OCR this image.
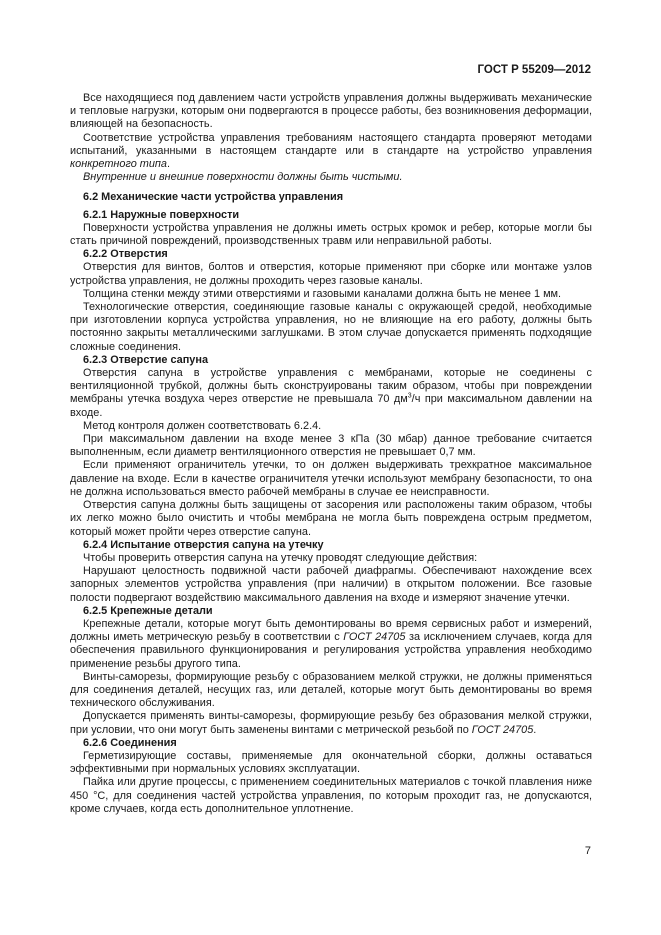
ГОСТ Р 55209—2012

Все находящиеся под давлением части устройств управления должны выдерживать механические и тепловые нагрузки, которым они подвергаются в процессе работы, без возникновения деформации, влияющей на безопасность.

Соответствие устройства управления требованиям настоящего стандарта проверяют методами испытаний, указанными в настоящем стандарте или в стандарте на устройство управления конкретного типа.

Внутренние и внешние поверхности должны быть чистыми.

6.2 Механические части устройства управления

6.2.1 Наружные поверхности

Поверхности устройства управления не должны иметь острых кромок и ребер, которые могли бы стать причиной повреждений, производственных травм или неправильной работы.

6.2.2 Отверстия

Отверстия для винтов, болтов и отверстия, которые применяют при сборке или монтаже узлов устройства управления, не должны проходить через газовые каналы.

Толщина стенки между этими отверстиями и газовыми каналами должна быть не менее 1 мм.

Технологические отверстия, соединяющие газовые каналы с окружающей средой, необходимые при изготовлении корпуса устройства управления, но не влияющие на его работу, должны быть постоянно закрыты металлическими заглушками. В этом случае допускается применять подходящие сложные соединения.

6.2.3 Отверстие сапуна

Отверстия сапуна в устройстве управления с мембранами, которые не соединены с вентиляционной трубкой, должны быть сконструированы таким образом, чтобы при повреждении мембраны утечка воздуха через отверстие не превышала 70 $дм^3/ч$ при максимальном давлении на входе.

Метод контроля должен соответствовать 6.2.4.

При максимальном давлении на входе менее 3 кПа (30 мбар) данное требование считается выполненным, если диаметр вентиляционного отверстия не превышает 0,7 мм.

Если применяют ограничитель утечки, то он должен выдерживать трехкратное максимальное давление на входе. Если в качестве ограничителя утечки используют мембрану безопасности, то она не должна использоваться вместо рабочей мембраны в случае ее неисправности.

Отверстия сапуна должны быть защищены от засорения или расположены таким образом, чтобы их легко можно было очистить и чтобы мембрана не могла быть повреждена острым предметом, который может пройти через отверстие сапуна.

6.2.4 Испытание отверстия сапуна на утечку

Чтобы проверить отверстия сапуна на утечку проводят следующие действия:

Нарушают целостность подвижной части рабочей диафрагмы. Обеспечивают нахождение всех запорных элементов устройства управления (при наличии) в открытом положении. Все газовые полости подвергают воздействию максимального давления на входе и измеряют значение утечки.

6.2.5 Крепежные детали

Крепежные детали, которые могут быть демонтированы во время сервисных работ и измерений, должны иметь метрическую резьбу в соответствии с ГОСТ 24705 за исключением случаев, когда для обеспечения правильного функционирования и регулирования устройства управления необходимо применение резьбы другого типа.

Винты-саморезы, формирующие резьбу с образованием мелкой стружки, не должны применяться для соединения деталей, несущих газ, или деталей, которые могут быть демонтированы во время технического обслуживания.

Допускается применять винты-саморезы, формирующие резьбу без образования мелкой стружки, при условии, что они могут быть заменены винтами с метрической резьбой по ГОСТ 24705.

6.2.6 Соединения

Герметизирующие составы, применяемые для окончательной сборки, должны оставаться эффективными при нормальных условиях эксплуатации.

Пайка или другие процессы, с применением соединительных материалов с точкой плавления ниже 450 °С, для соединения частей устройства управления, по которым проходит газ, не допускаются, кроме случаев, когда есть дополнительное уплотнение.

7
